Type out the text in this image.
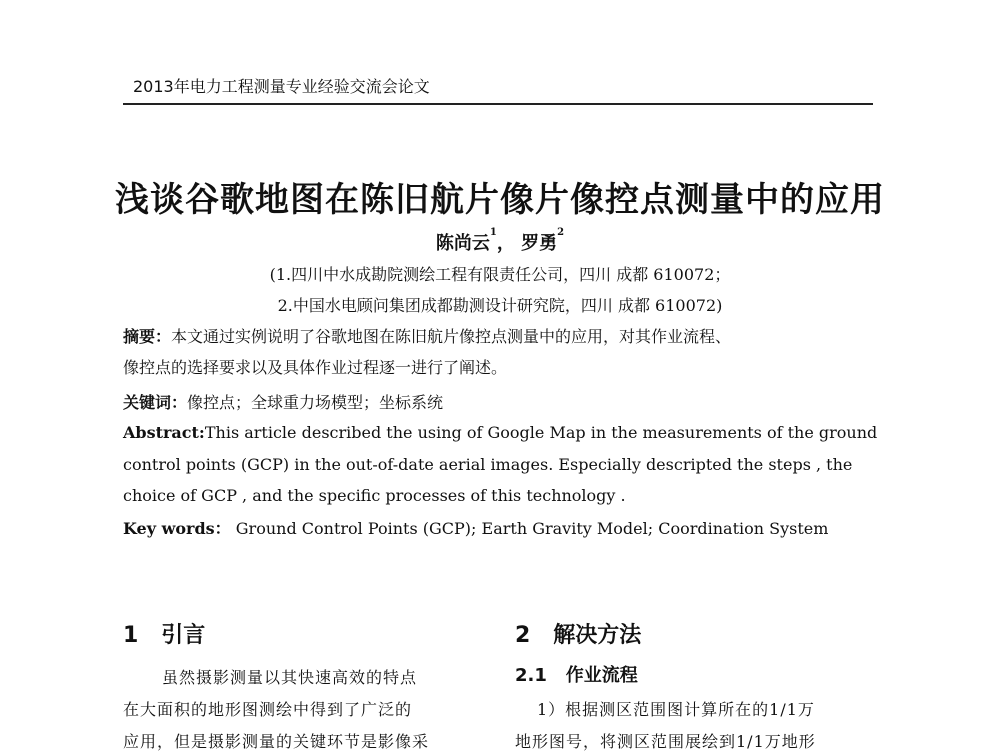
2013年电力工程测量专业经验交流会论文
浅谈谷歌地图在陈旧航片像片像控点测量中的应用
陈尚云$^1$， 罗勇$^2$
(1.四川中水成勘院测绘工程有限责任公司，四川 成都 610072；
2.中国水电顾问集团成都勘测设计研究院，四川 成都 610072)
摘要：本文通过实例说明了谷歌地图在陈旧航片像控点测量中的应用，对其作业流程、
像控点的选择要求以及具体作业过程逐一进行了阐述。
关键词：像控点；全球重力场模型；坐标系统
Abstract:This article described the using of Google Map in the measurements of the ground
control points (GCP) in the out-of-date aerial images. Especially descripted the steps , the
choice of GCP , and the specific processes of this technology .
Key words： Ground Control Points (GCP); Earth Gravity Model; Coordination System
1 引言
虽然摄影测量以其快速高效的特点
在大面积的地形图测绘中得到了广泛的
应用，但是摄影测量的关键环节是影像采
2 解决方法
2.1 作业流程
1）根据测区范围图计算所在的1/1万
地形图号，将测区范围展绘到1/1万地形
